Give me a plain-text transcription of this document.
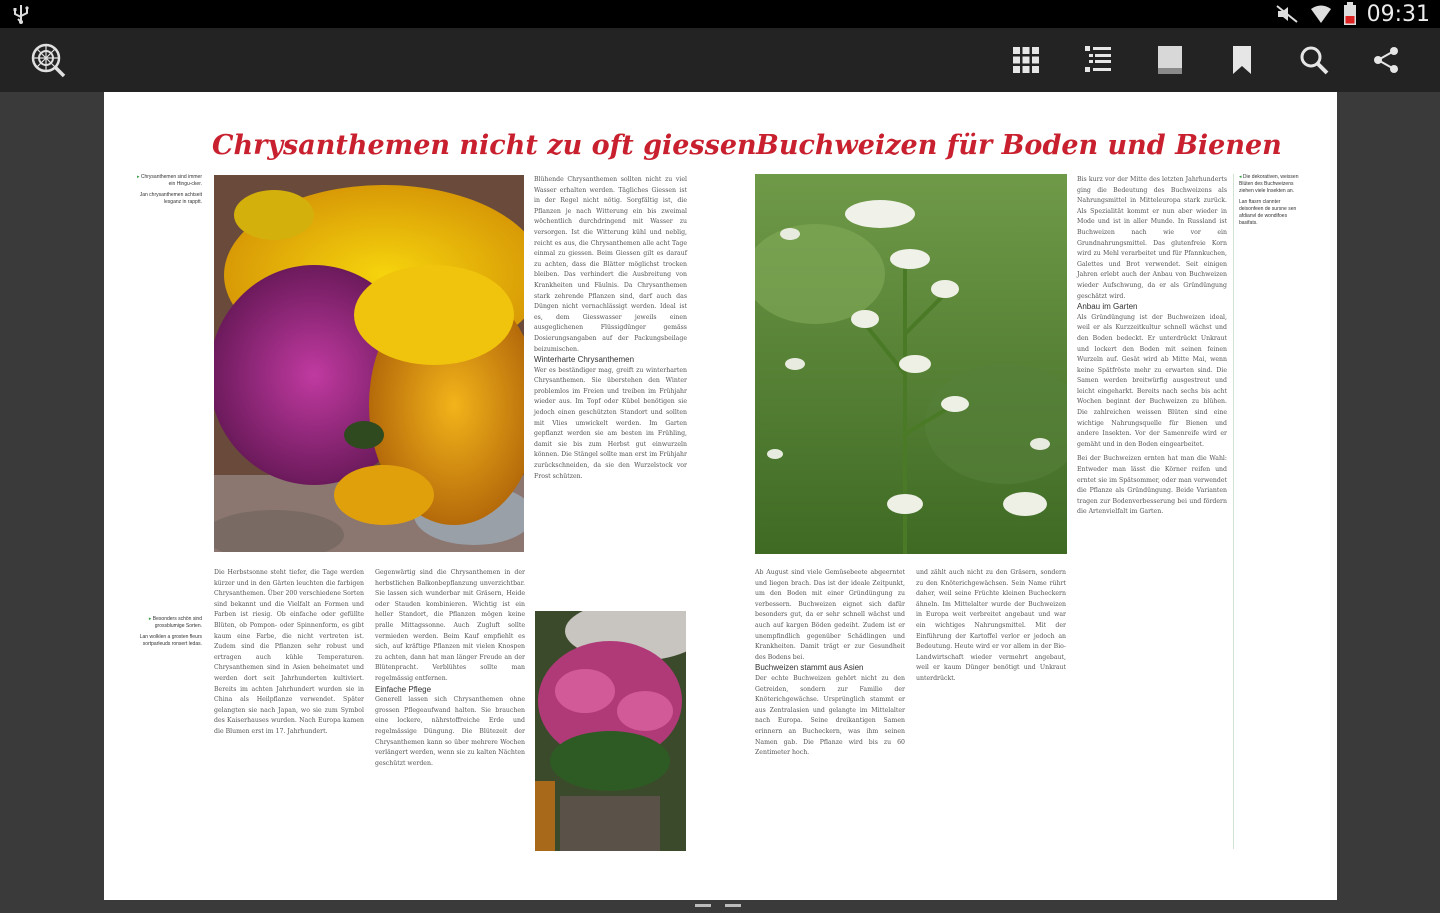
09:31
Chrysanthemen nicht zu oft giessen

▸ Chrysanthemen sind immer ein Hingu-cker.

Jan chrysanthemen achtseit lesganz in rapptt.

▸ Besonders schön sind grossblumige Sorten.

Lan wolklen a grosten fleurs sortparleuds ronsert ledas.

Blühende Chrysanthemen sollten nicht zu viel Wasser erhalten werden. Tägliches Giessen ist in der Regel nicht nötig. Sorgfältig ist, die Pflanzen je nach Witterung ein bis zweimal wöchentlich durchdringend mit Wasser zu versorgen. Ist die Witterung kühl und neblig, reicht es aus, die Chrysanthemen alle acht Tage einmal zu giessen. Beim Giessen gilt es darauf zu achten, dass die Blätter möglichst trocken bleiben. Das verhindert die Ausbreitung von Krankheiten und Fäulnis. Da Chrysanthemen stark zehrende Pflanzen sind, darf auch das Düngen nicht vernachlässigt werden. Ideal ist es, dem Giesswasser jeweils einen ausgeglichenen Flüssigdünger gemäss Dosierungsangaben auf der Packungsbeilage beizumischen.

Winterharte Chrysanthemen

Wer es beständiger mag, greift zu winterharten Chrysanthemen. Sie überstehen den Winter problemlos im Freien und treiben im Frühjahr wieder aus. Im Topf oder Kübel benötigen sie jedoch einen geschützten Standort und sollten mit Vlies umwickelt werden. Im Garten gepflanzt werden sie am besten im Frühling, damit sie bis zum Herbst gut einwurzeln können. Die Stängel sollte man erst im Frühjahr zurückschneiden, da sie den Wurzelstock vor Frost schützen.

Die Herbstsonne steht tiefer, die Tage werden kürzer und in den Gärten leuchten die farbigen Chrysanthemen. Über 200 verschiedene Sorten sind bekannt und die Vielfalt an Formen und Farben ist riesig. Ob einfache oder gefüllte Blüten, ob Pompon- oder Spinnenform, es gibt kaum eine Farbe, die nicht vertreten ist. Zudem sind die Pflanzen sehr robust und ertragen auch kühle Temperaturen. Chrysanthemen sind in Asien beheimatet und werden dort seit Jahrhunderten kultiviert. Bereits im achten Jahrhundert wurden sie in China als Heilpflanze verwendet. Später gelangten sie nach Japan, wo sie zum Symbol des Kaiserhauses wurden. Nach Europa kamen die Blumen erst im 17. Jahrhundert.

Gegenwärtig sind die Chrysanthemen in der herbstlichen Balkonbepflanzung unverzichtbar. Sie lassen sich wunderbar mit Gräsern, Heide oder Stauden kombinieren. Wichtig ist ein heller Standort, die Pflanzen mögen keine pralle Mittagssonne. Auch Zugluft sollte vermieden werden. Beim Kauf empfiehlt es sich, auf kräftige Pflanzen mit vielen Knospen zu achten, dann hat man länger Freude an der Blütenpracht. Verblühtes sollte man regelmässig entfernen.

Einfache Pflege

Generell lassen sich Chrysanthemen ohne grossen Pflegeaufwand halten. Sie brauchen eine lockere, nährstoffreiche Erde und regelmässige Düngung. Die Blütezeit der Chrysanthemen kann so über mehrere Wochen verlängert werden, wenn sie zu kalten Nächten geschützt werden.

Buchweizen für Boden und Bienen

Bis kurz vor der Mitte des letzten Jahrhunderts ging die Bedeutung des Buchweizens als Nahrungsmittel in Mitteleuropa stark zurück. Als Spezialität kommt er nun aber wieder in Mode und ist in aller Munde. In Russland ist Buchweizen nach wie vor ein Grundnahrungsmittel. Das glutenfreie Korn wird zu Mehl verarbeitet und für Pfannkuchen, Galettes und Brot verwendet. Seit einigen Jahren erlebt auch der Anbau von Buchweizen wieder Aufschwung, da er als Gründüngung geschätzt wird.

Anbau im Garten

Als Gründüngung ist der Buchweizen ideal, weil er als Kurzzeitkultur schnell wächst und den Boden bedeckt. Er unterdrückt Unkraut und lockert den Boden mit seinen feinen Wurzeln auf. Gesät wird ab Mitte Mai, wenn keine Spätfröste mehr zu erwarten sind. Die Samen werden breitwürfig ausgestreut und leicht eingeharkt. Bereits nach sechs bis acht Wochen beginnt der Buchweizen zu blühen. Die zahlreichen weissen Blüten sind eine wichtige Nahrungsquelle für Bienen und andere Insekten. Vor der Samenreife wird er gemäht und in den Boden eingearbeitet.

Bei der Buchweizen ernten hat man die Wahl: Entweder man lässt die Körner reifen und erntet sie im Spätsommer, oder man verwendet die Pflanze als Gründüngung. Beide Varianten tragen zur Bodenverbesserung bei und fördern die Artenvielfalt im Garten.

◂ Die dekorativen, weissen Blüten des Buchweizens ziehen viele Insekten an.

Lan ftasrn clannter deisonfeen de sursne sen afdianvl de wondifoes basifats.

Ab August sind viele Gemüsebeete abgeerntet und liegen brach. Das ist der ideale Zeitpunkt, um den Boden mit einer Gründüngung zu verbessern. Buchweizen eignet sich dafür besonders gut, da er sehr schnell wächst und auch auf kargen Böden gedeiht. Zudem ist er unempfindlich gegenüber Schädlingen und Krankheiten. Damit trägt er zur Gesundheit des Bodens bei.

Buchweizen stammt aus Asien

Der echte Buchweizen gehört nicht zu den Getreiden, sondern zur Familie der Knöterichgewächse. Ursprünglich stammt er aus Zentralasien und gelangte im Mittelalter nach Europa. Seine dreikantigen Samen erinnern an Bucheckern, was ihm seinen Namen gab. Die Pflanze wird bis zu 60 Zentimeter hoch.

und zählt auch nicht zu den Gräsern, sondern zu den Knöterichgewächsen. Sein Name rührt daher, weil seine Früchte kleinen Bucheckern ähneln. Im Mittelalter wurde der Buchweizen in Europa weit verbreitet angebaut und war ein wichtiges Nahrungsmittel. Mit der Einführung der Kartoffel verlor er jedoch an Bedeutung. Heute wird er vor allem in der Bio-Landwirtschaft wieder vermehrt angebaut, weil er kaum Dünger benötigt und Unkraut unterdrückt.
